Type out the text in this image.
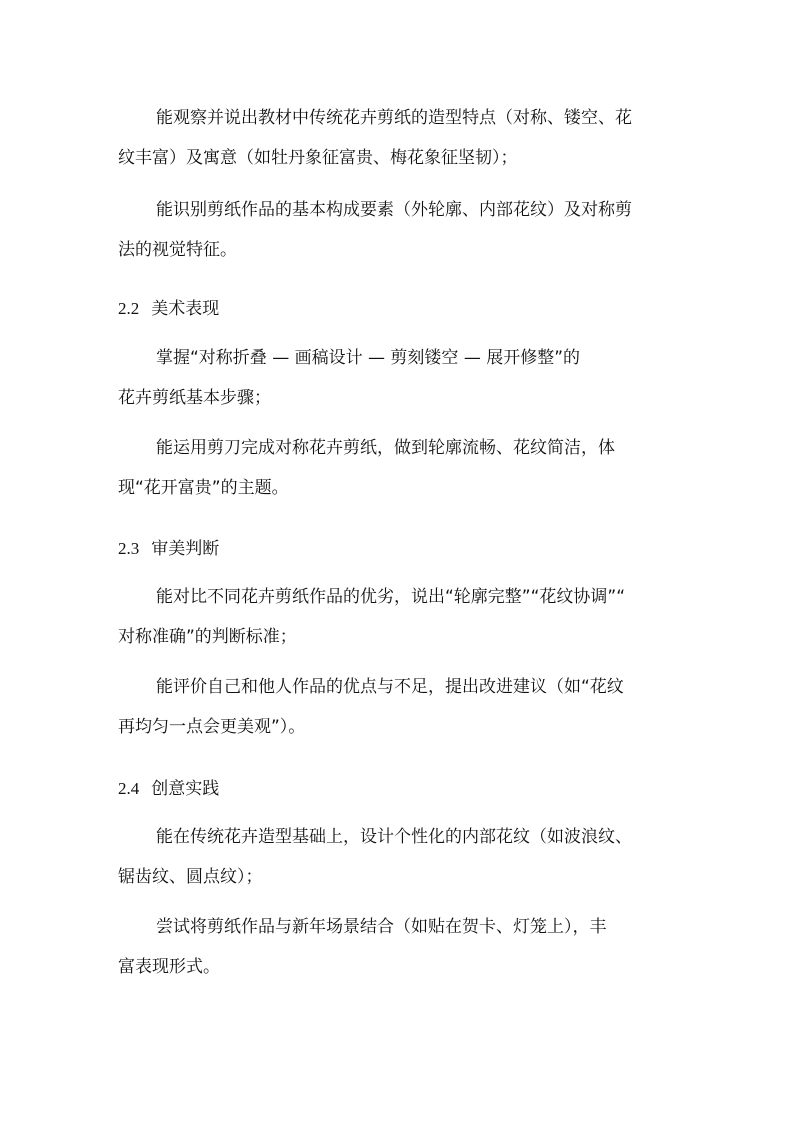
能观察并说出教材中传统花卉剪纸的造型特点（对称、镂空、花
纹丰富）及寓意（如牡丹象征富贵、梅花象征坚韧）；

能识别剪纸作品的基本构成要素（外轮廓、内部花纹）及对称剪
法的视觉特征。

2.2 美术表现

掌握“对称折叠 — 画稿设计 — 剪刻镂空 — 展开修整”的
花卉剪纸基本步骤；

能运用剪刀完成对称花卉剪纸，做到轮廓流畅、花纹简洁，体
现“花开富贵”的主题。

2.3 审美判断

能对比不同花卉剪纸作品的优劣，说出“轮廓完整”“花纹协调”“
对称准确”的判断标准；

能评价自己和他人作品的优点与不足，提出改进建议（如“花纹
再均匀一点会更美观”）。

2.4 创意实践

能在传统花卉造型基础上，设计个性化的内部花纹（如波浪纹、
锯齿纹、圆点纹）；

尝试将剪纸作品与新年场景结合（如贴在贺卡、灯笼上），丰
富表现形式。
